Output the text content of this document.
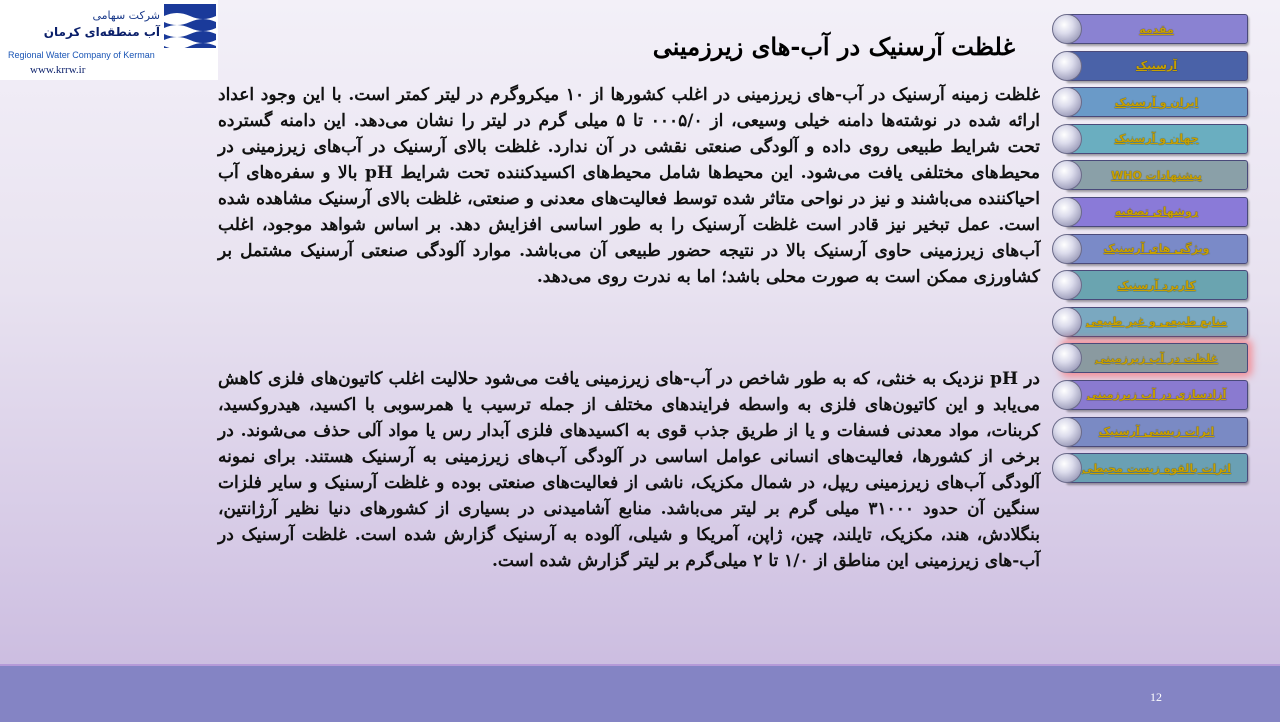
شرکت سهامی
آب منطقه‌ای کرمان
Regional Water Company of Kerman
www.krrw.ir
غلظت آرسنیک در آب-های زیرزمینی
غلظت زمینه آرسنیک در آب-های زیرزمینی در اغلب کشورها از ۱۰ میکروگرم در لیتر کمتر است. با این وجود اعداد ارائه شده در نوشته‌ها دامنه خیلی وسیعی، از ۰۰۰۵/۰ تا ۵ میلی گرم در لیتر را نشان می‌دهد. این دامنه گسترده تحت شرایط طبیعی روی داده و آلودگی صنعتی نقشی در آن ندارد. غلظت بالای آرسنیک در آب‌های زیرزمینی در محیط‌های مختلفی یافت می‌شود. این محیط‌ها شامل محیط‌های اکسیدکننده تحت شرایط pH بالا و سفره‌های آب احیاکننده می‌باشند و نیز در نواحی متاثر شده توسط فعالیت‌های معدنی و صنعتی، غلظت بالای آرسنیک مشاهده شده است. عمل تبخیر نیز قادر است غلظت آرسنیک را به طور اساسی افزایش دهد. بر اساس شواهد موجود، اغلب آب‌های زیرزمینی حاوی آرسنیک بالا در نتیجه حضور طبیعی آن می‌باشد. موارد آلودگی صنعتی آرسنیک مشتمل بر کشاورزی ممکن است به صورت محلی باشد؛ اما به ندرت روی می‌دهد.
در pH نزدیک به خنثی، که به طور شاخص در آب-های زیرزمینی یافت می‌شود حلالیت اغلب کاتیون‌های فلزی کاهش می‌یابد و این کاتیون‌های فلزی به واسطه فرایندهای مختلف از جمله ترسیب یا همرسوبی با اکسید، هیدروکسید، کربنات، مواد معدنی فسفات و یا از طریق جذب قوی به اکسیدهای فلزی آبدار رس یا مواد آلی حذف می‌شوند. در برخی از کشورها، فعالیت‌های انسانی عوامل اساسی در آلودگی آب‌های زیرزمینی به آرسنیک هستند. برای نمونه آلودگی آب‌های زیرزمینی ریپل، در شمال مکزیک، ناشی از فعالیت‌های صنعتی بوده و غلظت آرسنیک و سایر فلزات سنگین آن حدود ۳۱۰۰۰ میلی گرم بر لیتر می‌باشد. منابع آشامیدنی در بسیاری از کشورهای دنیا نظیر آرژانتین، بنگلادش، هند، مکزیک، تایلند، چین، ژاپن، آمریکا و شیلی، آلوده به آرسنیک گزارش شده است. غلظت آرسنیک در آب-های زیرزمینی این مناطق از ۱/۰ تا ۲ میلی‌گرم بر لیتر گزارش شده است.
مقدمه
آرسنیک
ایران و آرسنیک
جهان و آرسنیک
پیشنهادات WHO
روشهای تصفیه
ویژگی های آرسنیک
کاربرد آرسنیک
منابع طبیعی و غیر طبیعی
غلظت در آب زیرزمینی
آزادسازی در آب زیرزمینی
اثرات زیستی آرسنیک
اثرات بالقوه زیست محیطی
12
